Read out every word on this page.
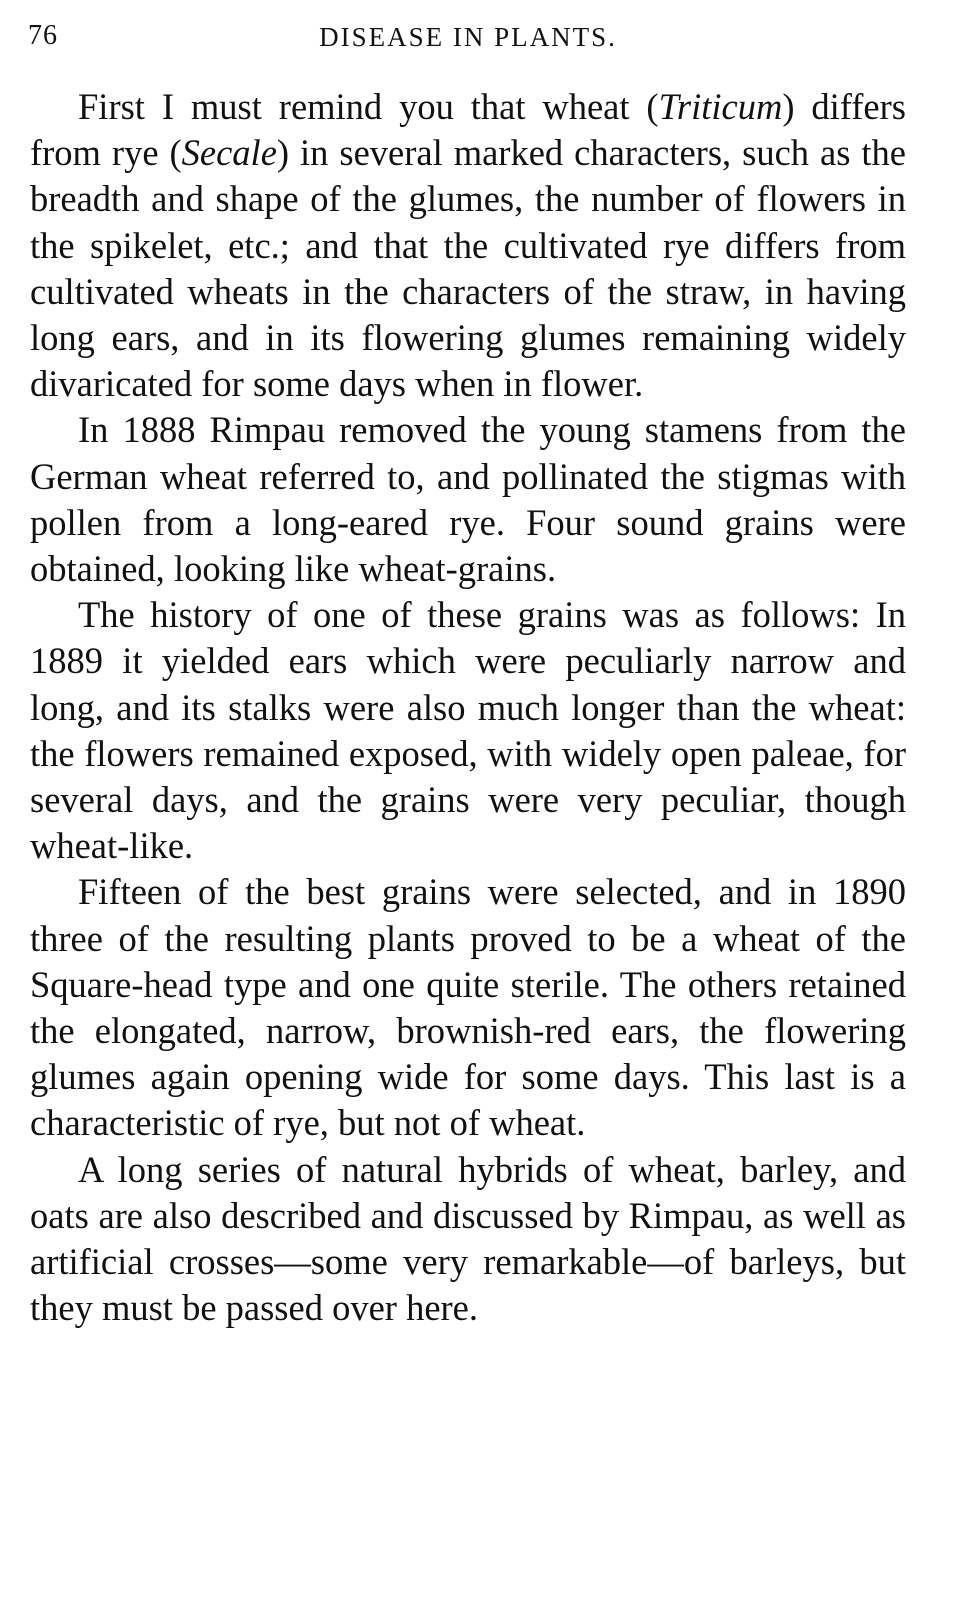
76	DISEASE IN PLANTS.

First I must remind you that wheat (Triticum) differs from rye (Secale) in several marked characters, such as the breadth and shape of the glumes, the number of flowers in the spikelet, etc.; and that the cultivated rye differs from cultivated wheats in the characters of the straw, in having long ears, and in its flowering glumes remaining widely divaricated for some days when in flower.

In 1888 Rimpau removed the young stamens from the German wheat referred to, and pollinated the stigmas with pollen from a long-eared rye. Four sound grains were obtained, looking like wheat-grains.

The history of one of these grains was as follows: In 1889 it yielded ears which were peculiarly narrow and long, and its stalks were also much longer than the wheat: the flowers remained exposed, with widely open paleae, for several days, and the grains were very peculiar, though wheat-like.

Fifteen of the best grains were selected, and in 1890 three of the resulting plants proved to be a wheat of the Square-head type and one quite sterile. The others retained the elongated, narrow, brownish-red ears, the flowering glumes again opening wide for some days. This last is a characteristic of rye, but not of wheat.

A long series of natural hybrids of wheat, barley, and oats are also described and discussed by Rimpau, as well as artificial crosses—some very remarkable—of barleys, but they must be passed over here.
